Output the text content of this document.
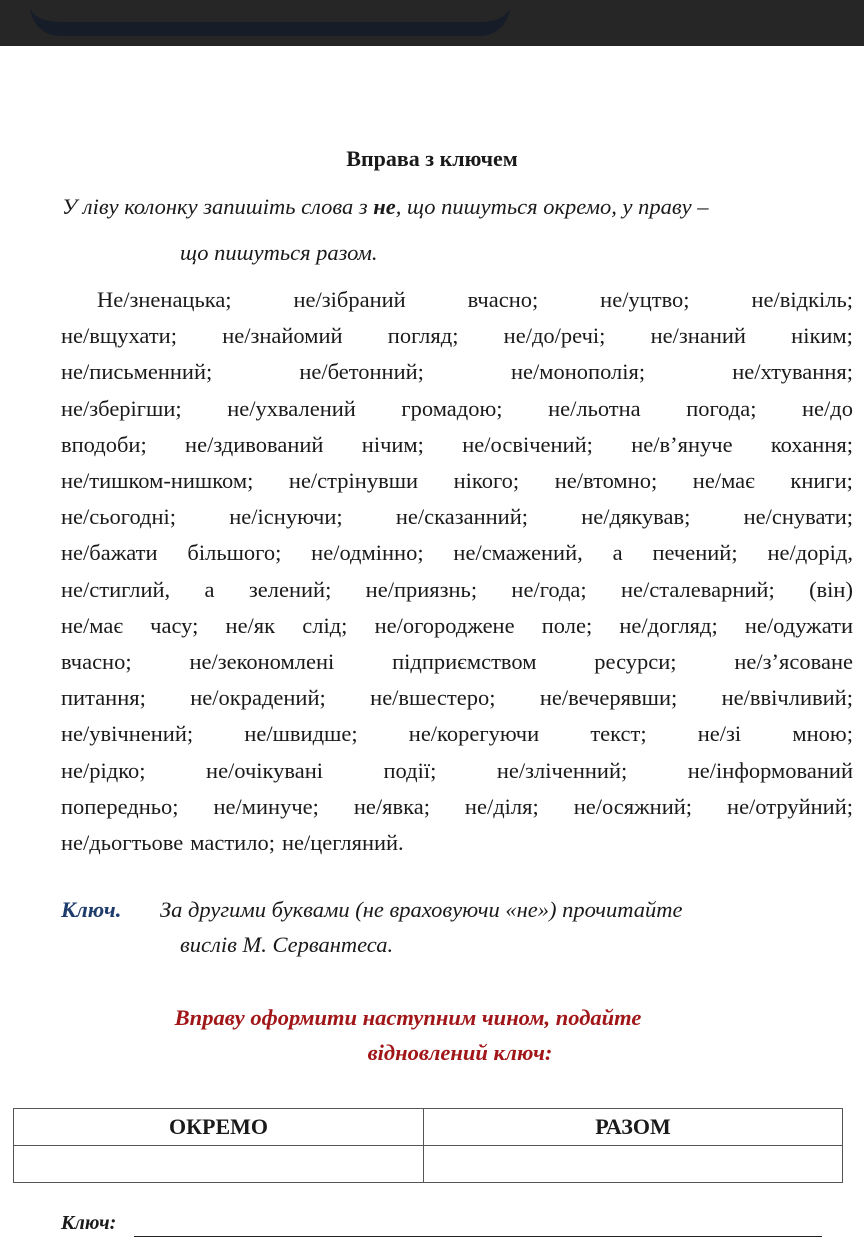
Вправа з ключем
У ліву колонку запишіть слова з не, що пишуться окремо, у праву –
що пишуться разом.
Не/зненацька;	не/зібраний	вчасно;	не/уцтво;	не/відкіль;
не/вщухати; не/знайомий погляд; не/до/речі; не/знаний ніким;
не/письменний;	не/бетонний;	не/монополія;	не/хтування;
не/зберігши; не/ухвалений громадою; не/льотна погода; не/до
вподоби; не/здивований нічим; не/освічений; не/в’януче кохання;
не/тишком-нишком; не/стрінувши нікого; не/втомно; не/має книги;
не/сьогодні; не/існуючи; не/сказанний; не/дякував; не/снувати;
не/бажати більшого; не/одмінно; не/смажений, а печений; не/дорід,
не/стиглий, а зелений; не/приязнь; не/года; не/сталеварний; (він)
не/має часу; не/як слід; не/огороджене поле; не/догляд; не/одужати
вчасно;	не/зекономлені	підприємством	ресурси;	не/з’ясоване
питання; не/окрадений; не/вшестеро; не/вечерявши; не/ввічливий;
не/увічнений; не/швидше; не/корегуючи текст; не/зі мною;
не/рідко;	не/очікувані	події;	не/зліченний;	не/інформований
попередньо; не/минуче; не/явка; не/діля; не/осяжний; не/отруйний;
не/дьогтьове мастило; не/цегляний.
Ключ. За другими буквами (не враховуючи «не») прочитайте
вислів М. Сервантеса.
Вправу оформити наступним чином, подайте
відновлений ключ:
ОКРЕМО	РАЗОМ

Ключ:
